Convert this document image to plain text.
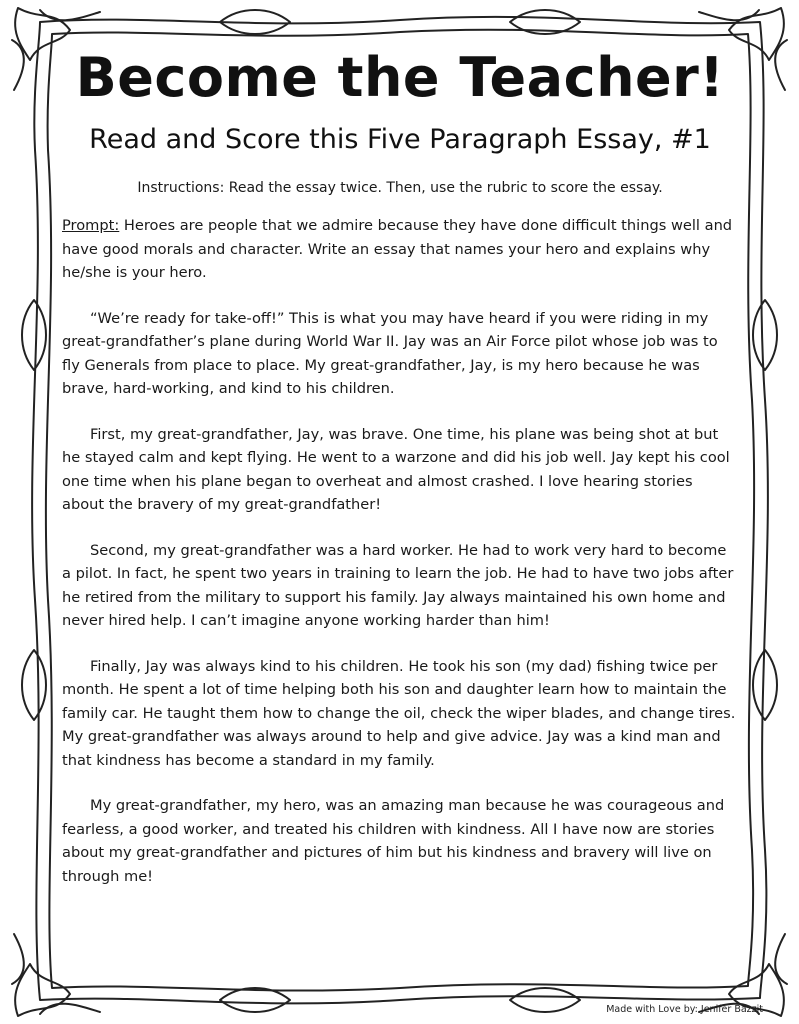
Become the Teacher!
Read and Score this Five Paragraph Essay, #1
Instructions: Read the essay twice. Then, use the rubric to score the essay.
Prompt: Heroes are people that we admire because they have done difficult things well and have good morals and character. Write an essay that names your hero and explains why he/she is your hero.
“We’re ready for take-off!” This is what you may have heard if you were riding in my great-grandfather’s plane during World War II. Jay was an Air Force pilot whose job was to fly Generals from place to place. My great-grandfather, Jay, is my hero because he was brave, hard-working, and kind to his children.
First, my great-grandfather, Jay, was brave. One time, his plane was being shot at but he stayed calm and kept flying. He went to a warzone and did his job well. Jay kept his cool one time when his plane began to overheat and almost crashed. I love hearing stories about the bravery of my great-grandfather!
Second, my great-grandfather was a hard worker. He had to work very hard to become a pilot. In fact, he spent two years in training to learn the job. He had to have two jobs after he retired from the military to support his family. Jay always maintained his own home and never hired help. I can’t imagine anyone working harder than him!
Finally, Jay was always kind to his children. He took his son (my dad) fishing twice per month. He spent a lot of time helping both his son and daughter learn how to maintain the family car. He taught them how to change the oil, check the wiper blades, and change tires. My great-grandfather was always around to help and give advice. Jay was a kind man and that kindness has become a standard in my family.
My great-grandfather, my hero, was an amazing man because he was courageous and fearless, a good worker, and treated his children with kindness. All I have now are stories about my great-grandfather and pictures of him but his kindness and bravery will live on through me!
Made with Love by: Jenifer Bazzit
